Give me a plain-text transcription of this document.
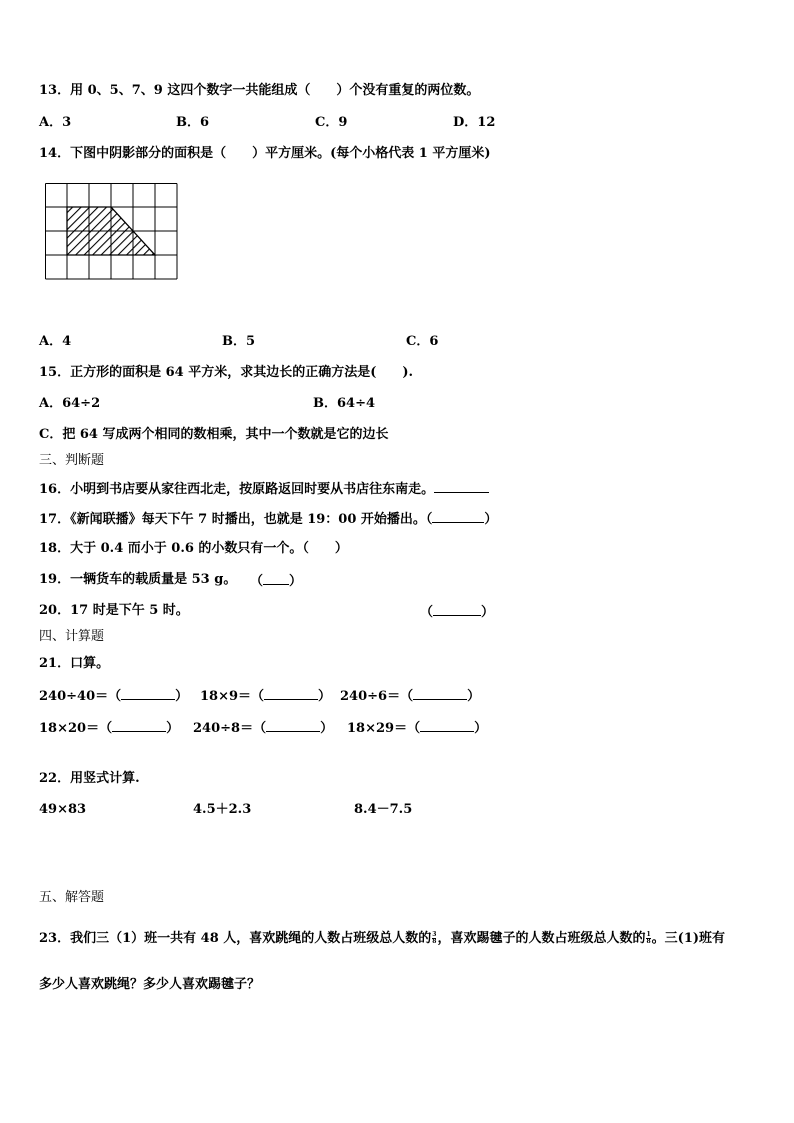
13．用 0、5、7、9 这四个数字一共能组成（　　）个没有重复的两位数。
A．3	B．6	C．9	D．12
14．下图中阴影部分的面积是（　　）平方厘米。(每个小格代表 1 平方厘米)
A．4	B．5	C．6
15．正方形的面积是 64 平方米，求其边长的正确方法是(　　).
A．64÷2	B．64÷4
C．把 64 写成两个相同的数相乘，其中一个数就是它的边长
三、判断题
16．小明到书店要从家往西北走，按原路返回时要从书店往东南走。
17．《新闻联播》每天下午 7 时播出，也就是 19：00 开始播出。（	）
18．大于 0.4 而小于 0.6 的小数只有一个。（　　）
19．一辆货车的载质量是 53 g。 （ ）
20．17 时是下午 5 时。	（	）
四、计算题
21．口算。
240÷40＝（	） 18×9＝（	） 240÷6＝（	）
18×20＝（	） 240÷8＝（	） 18×29＝（	）
22．用竖式计算.
49×83	4.5＋2.3	8.4－7.5
五、解答题
23．我们三（1）班一共有 48 人，喜欢跳绳的人数占班级总人数的 $\frac{3}{8}$ ，喜欢踢毽子的人数占班级总人数的 $\frac{1}{8}$ 。三(1)班有
多少人喜欢跳绳？多少人喜欢踢毽子？
